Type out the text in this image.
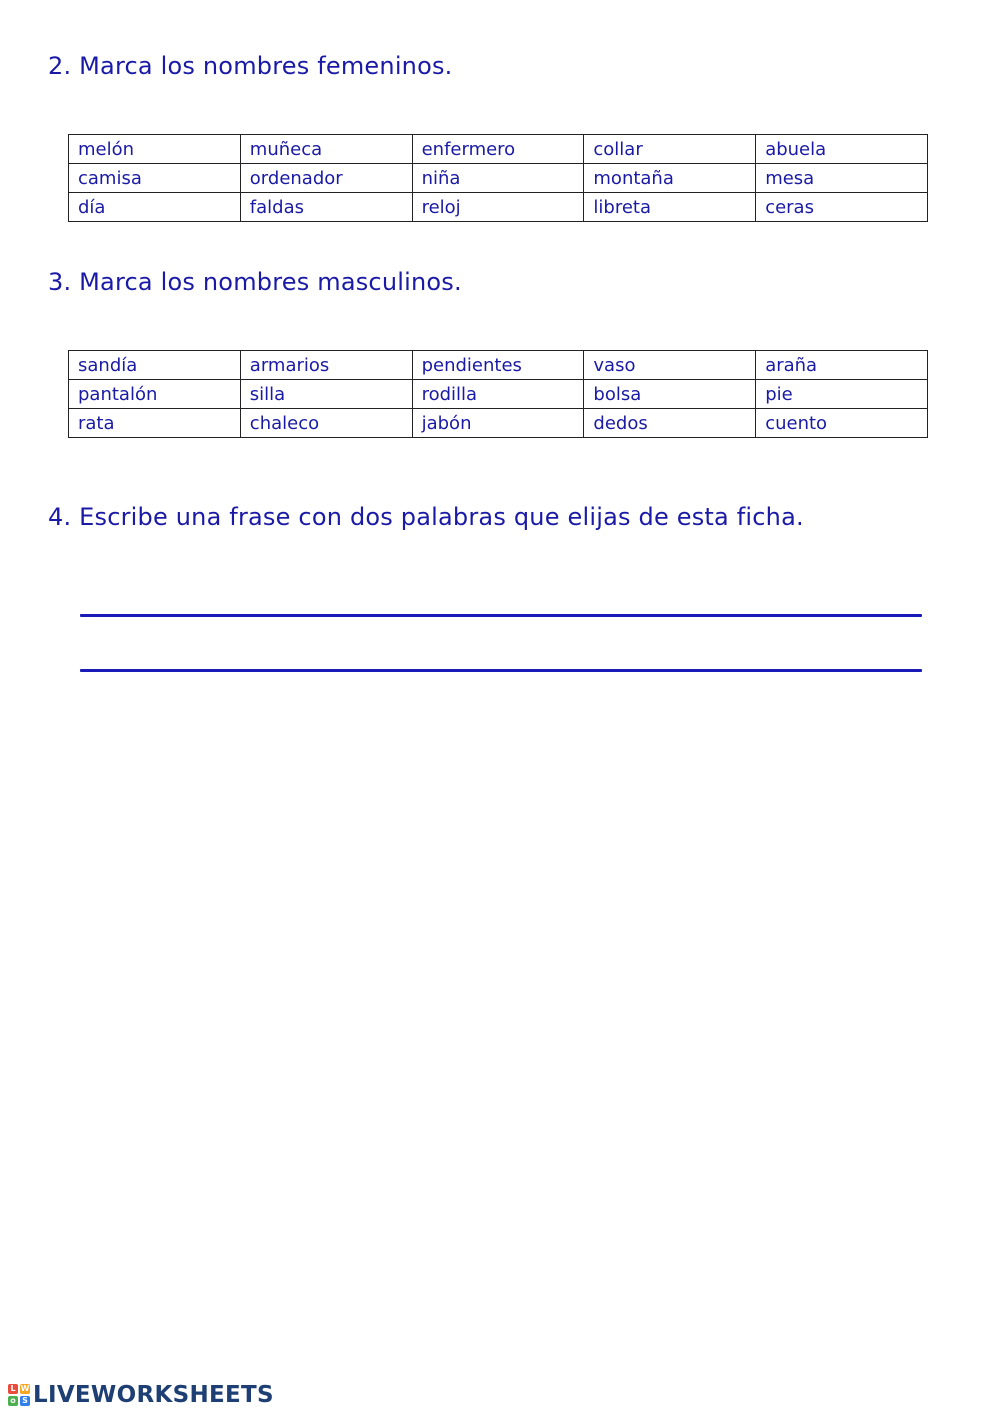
2. Marca los nombres femeninos.
melón	muñeca	enfermero	collar	abuela
camisa	ordenador	niña	montaña	mesa
día	faldas	reloj	libreta	ceras
3. Marca los nombres masculinos.
sandía	armarios	pendientes	vaso	araña
pantalón	silla	rodilla	bolsa	pie
rata	chaleco	jabón	dedos	cuento
4. Escribe una frase con dos palabras que elijas de esta ficha.
L W
o S LIVEWORKSHEETS
